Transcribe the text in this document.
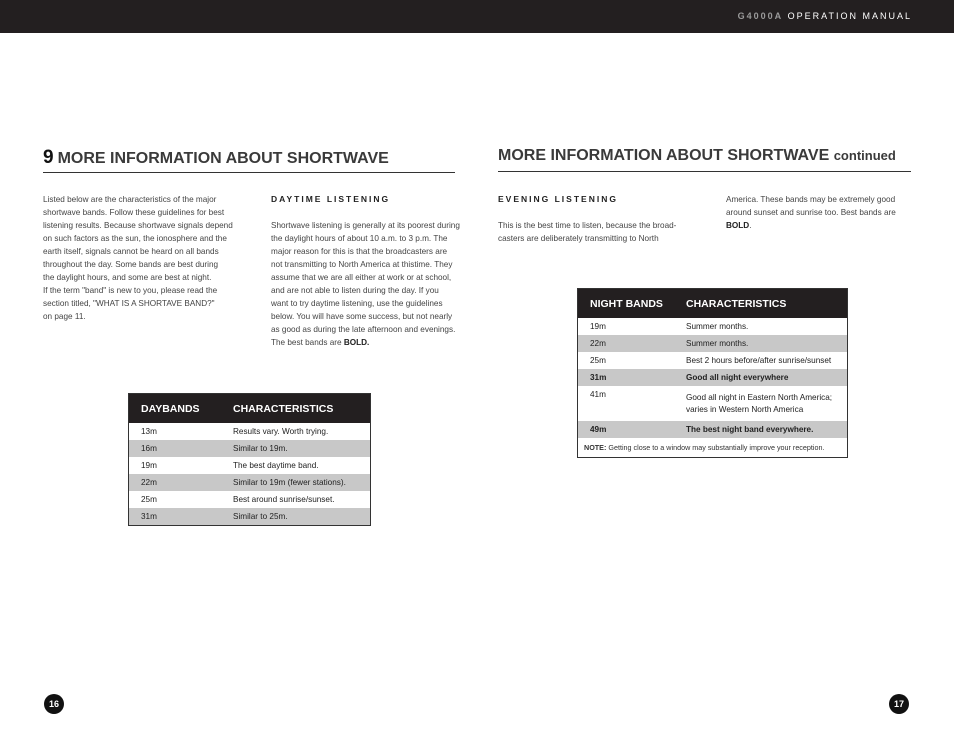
G4000A OPERATION MANUAL
9 MORE INFORMATION ABOUT SHORTWAVE
Listed below are the characteristics of the major
shortwave bands. Follow these guidelines for best
listening results. Because shortwave signals depend
on such factors as the sun, the ionosphere and the
earth itself, signals cannot be heard on all bands
throughout the day. Some bands are best during
the daylight hours, and some are best at night.
If the term "band" is new to you, please read the
section titled, "WHAT IS A SHORTAVE BAND?"
on page 11.
DAYTIME LISTENING
Shortwave listening is generally at its poorest during
the daylight hours of about 10 a.m. to 3 p.m. The
major reason for this is that the broadcasters are
not transmitting to North America at thistime. They
assume that we are all either at work or at school,
and are not able to listen during the day. If you
want to try daytime listening, use the guidelines
below. You will have some success, but not nearly
as good as during the late afternoon and evenings.
The best bands are BOLD.
DAYBANDS	CHARACTERISTICS
13m	Results vary. Worth trying.
16m	Similar to 19m.
19m	The best daytime band.
22m	Similar to 19m (fewer stations).
25m	Best around sunrise/sunset.
31m	Similar to 25m.
16
MORE INFORMATION ABOUT SHORTWAVE continued
EVENING LISTENING
This is the best time to listen, because the broad-
casters are deliberately transmitting to North
America. These bands may be extremely good
around sunset and sunrise too. Best bands are
BOLD.
NIGHT BANDS	CHARACTERISTICS
19m	Summer months.
22m	Summer months.
25m	Best 2 hours before/after sunrise/sunset
31m	Good all night everywhere
41m	Good all night in Eastern North America;
varies in Western North America

49m	The best night band everywhere.
NOTE: Getting close to a window may substantially improve your reception.	
17
